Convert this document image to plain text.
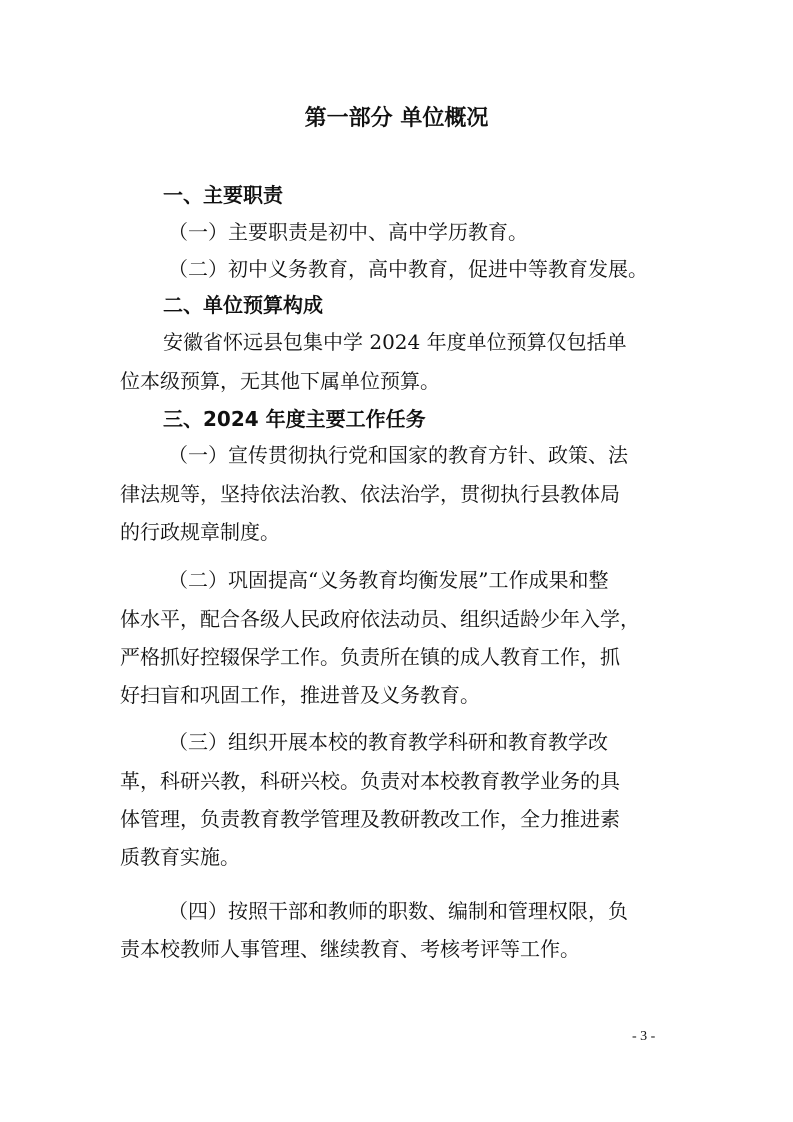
第一部分 单位概况
一、主要职责
（一）主要职责是初中、高中学历教育。
（二）初中义务教育，高中教育，促进中等教育发展。
二、单位预算构成
安徽省怀远县包集中学 2024 年度单位预算仅包括单
位本级预算，无其他下属单位预算。
三、2024 年度主要工作任务
（一）宣传贯彻执行党和国家的教育方针、政策、法
律法规等，坚持依法治教、依法治学，贯彻执行县教体局
的行政规章制度。
（二）巩固提高“义务教育均衡发展”工作成果和整
体水平，配合各级人民政府依法动员、组织适龄少年入学，
严格抓好控辍保学工作。负责所在镇的成人教育工作，抓
好扫盲和巩固工作，推进普及义务教育。
（三）组织开展本校的教育教学科研和教育教学改
革，科研兴教，科研兴校。负责对本校教育教学业务的具
体管理，负责教育教学管理及教研教改工作，全力推进素
质教育实施。
（四）按照干部和教师的职数、编制和管理权限，负
责本校教师人事管理、继续教育、考核考评等工作。
- 3 -
